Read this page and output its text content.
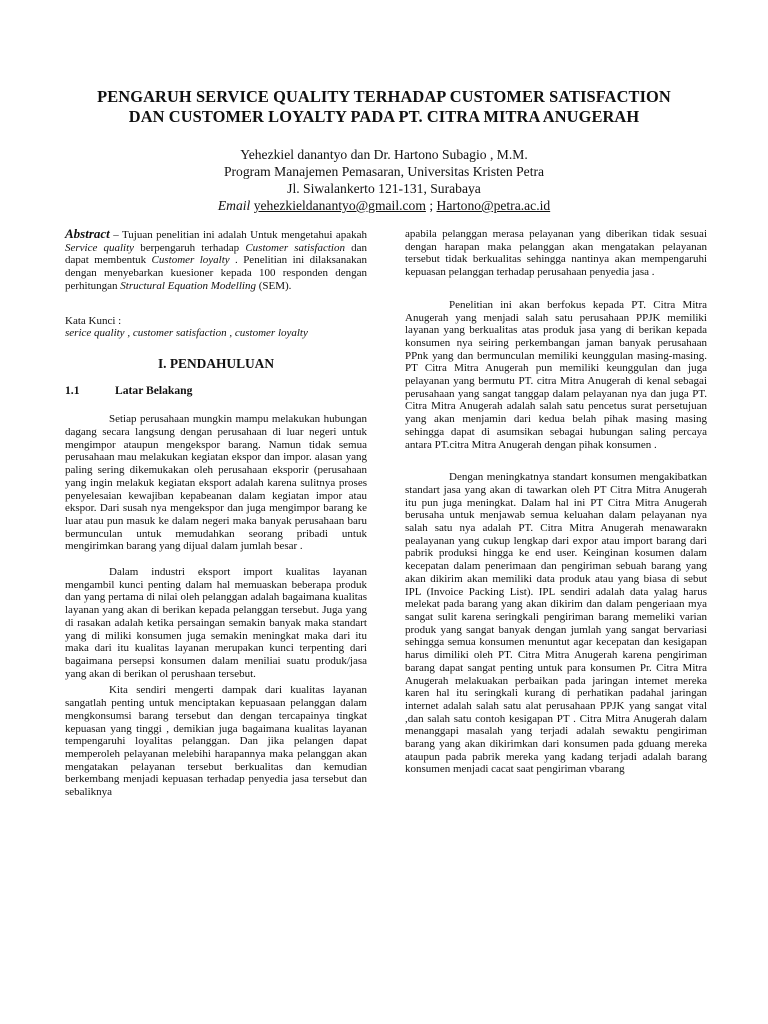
PENGARUH SERVICE QUALITY TERHADAP CUSTOMER SATISFACTION
DAN CUSTOMER LOYALTY PADA PT. CITRA MITRA ANUGERAH
Yehezkiel danantyo dan Dr. Hartono Subagio , M.M.
Program Manajemen Pemasaran, Universitas Kristen Petra
Jl. Siwalankerto 121-131, Surabaya
Email yehezkieldanantyo@gmail.com ; Hartono@petra.ac.id

Abstract – Tujuan penelitian ini adalah Untuk mengetahui apakah Service quality berpengaruh terhadap Customer satisfaction dan dapat membentuk Customer loyalty . Penelitian ini dilaksanakan dengan menyebarkan kuesioner kepada 100 responden dengan perhitungan Structural Equation Modelling (SEM).

Kata Kunci :

serice quality , customer satisfaction , customer loyalty

I. PENDAHULUAN
1.1	Latar Belakang

Setiap perusahaan mungkin mampu melakukan hubungan dagang secara langsung dengan perusahaan di luar negeri untuk mengimpor ataupun mengekspor barang. Namun tidak semua perusahaan mau melakukan kegiatan ekspor dan impor. alasan yang paling sering dikemukakan oleh perusahaan eksporir (perusahaan yang ingin melakuk kegiatan eksport adalah karena sulitnya proses penyelesaian kewajiban kepabeanan dalam kegiatan impor atau ekspor. Dari susah nya mengekspor dan juga mengimpor barang ke luar atau pun masuk ke dalam negeri maka banyak perusahaan baru bermunculan untuk memudahkan seorang pribadi untuk mengirimkan barang yang dijual dalam jumlah besar .

Dalam industri eksport import kualitas layanan mengambil kunci penting dalam hal memuaskan beberapa produk dan yang pertama di nilai oleh pelanggan adalah bagaimana kualitas layanan yang akan di berikan kepada pelanggan tersebut. Juga yang di rasakan adalah ketika persaingan semakin banyak maka standart yang di miliki konsumen juga semakin meningkat maka dari itu maka dari itu kualitas layanan merupakan kunci terpenting dari bagaimana persepsi konsumen dalam meniliai suatu produk/jasa yang akan di berikan ol perushaan tersebut.

Kita sendiri mengerti dampak dari kualitas layanan sangatlah penting untuk menciptakan kepuasaan pelanggan dalam mengkonsumsi barang tersebut dan dengan tercapainya tingkat kepuasan yang tinggi , demikian juga bagaimana kualitas layanan tempengaruhi loyalitas pelanggan. Dan jika pelangen dapat memperoleh pelayanan melebihi harapannya maka pelanggan akan mengatakan pelayanan tersebut berkualitas dan kemudian berkembang menjadi kepuasan terhadap penyedia jasa tersebut dan sebaliknya

apabila pelanggan merasa pelayanan yang diberikan tidak sesuai dengan harapan maka pelanggan akan mengatakan pelayanan tersebut tidak berkualitas sehingga nantinya akan mempengaruhi kepuasan pelanggan terhadap perusahaan penyedia jasa .

Penelitian ini akan berfokus kepada PT. Citra Mitra Anugerah yang menjadi salah satu perusahaan PPJK memiliki layanan yang berkualitas atas produk jasa yang di berikan kepada konsumen nya seiring perkembangan jaman banyak perusahaan PPnk yang dan bermunculan memiliki keunggulan masing-masing. PT Citra Mitra Anugerah pun memiliki keunggulan dan juga pelayanan yang bermutu PT. citra Mitra Anugerah di kenal sebagai perusahaan yang sangat tanggap dalam pelayanan nya dan juga PT. Citra Mitra Anugerah adalah salah satu pencetus surat persetujuan yang akan menjamin dari kedua belah pihak masing masing sehingga dapat di asumsikan sebagai hubungan saling percaya antara PT.citra Mitra Anugerah dengan pihak konsumen .

Dengan meningkatnya standart konsumen mengakibatkan standart jasa yang akan di tawarkan oleh PT Citra Mitra Anugerah itu pun juga meningkat. Dalam hal ini PT Citra Mitra Anugerah berusaha untuk menjawab semua keluahan dalam pelayanan nya salah satu nya adalah PT. Citra Mitra Anugerah menawarakn pealayanan yang cukup lengkap dari expor atau import barang dari pabrik produksi hingga ke end user. Keinginan kosumen dalam kecepatan dalam penerimaan dan pengiriman sebuah barang yang akan dikirim akan memiliki data produk atau yang biasa di sebut IPL (Invoice Packing List). IPL sendiri adalah data yalag harus melekat pada barang yang akan dikirim dan dalam pengeriaan mya sangat sulit karena seringkali pengiriman barang memeliki varian produk yang sangat banyak dengan jumlah yang sangat bervariasi sehingga semua konsumen menuntut agar kecepatan dan kesigapan harus dimiliki oleh PT. Citra Mitra Anugerah karena pengiriman barang dapat sangat penting untuk para konsumen Pr. Citra Mitra Anugerah melakuakan perbaikan pada jaringan intemet mereka karen hal itu seringkali kurang di perhatikan padahal jaringan internet adalah salah satu alat perusahaan PPJK yang sangat vital ,dan salah satu contoh kesigapan PT . Citra Mitra Anugerah dalam menanggapi masalah yang terjadi adalah sewaktu pengiriman barang yang akan dikirimkan dari konsumen pada gduang mereka ataupun pada pabrik mereka yang kadang terjadi adalah barang konsumen menjadi cacat saat pengiriman vbarang
